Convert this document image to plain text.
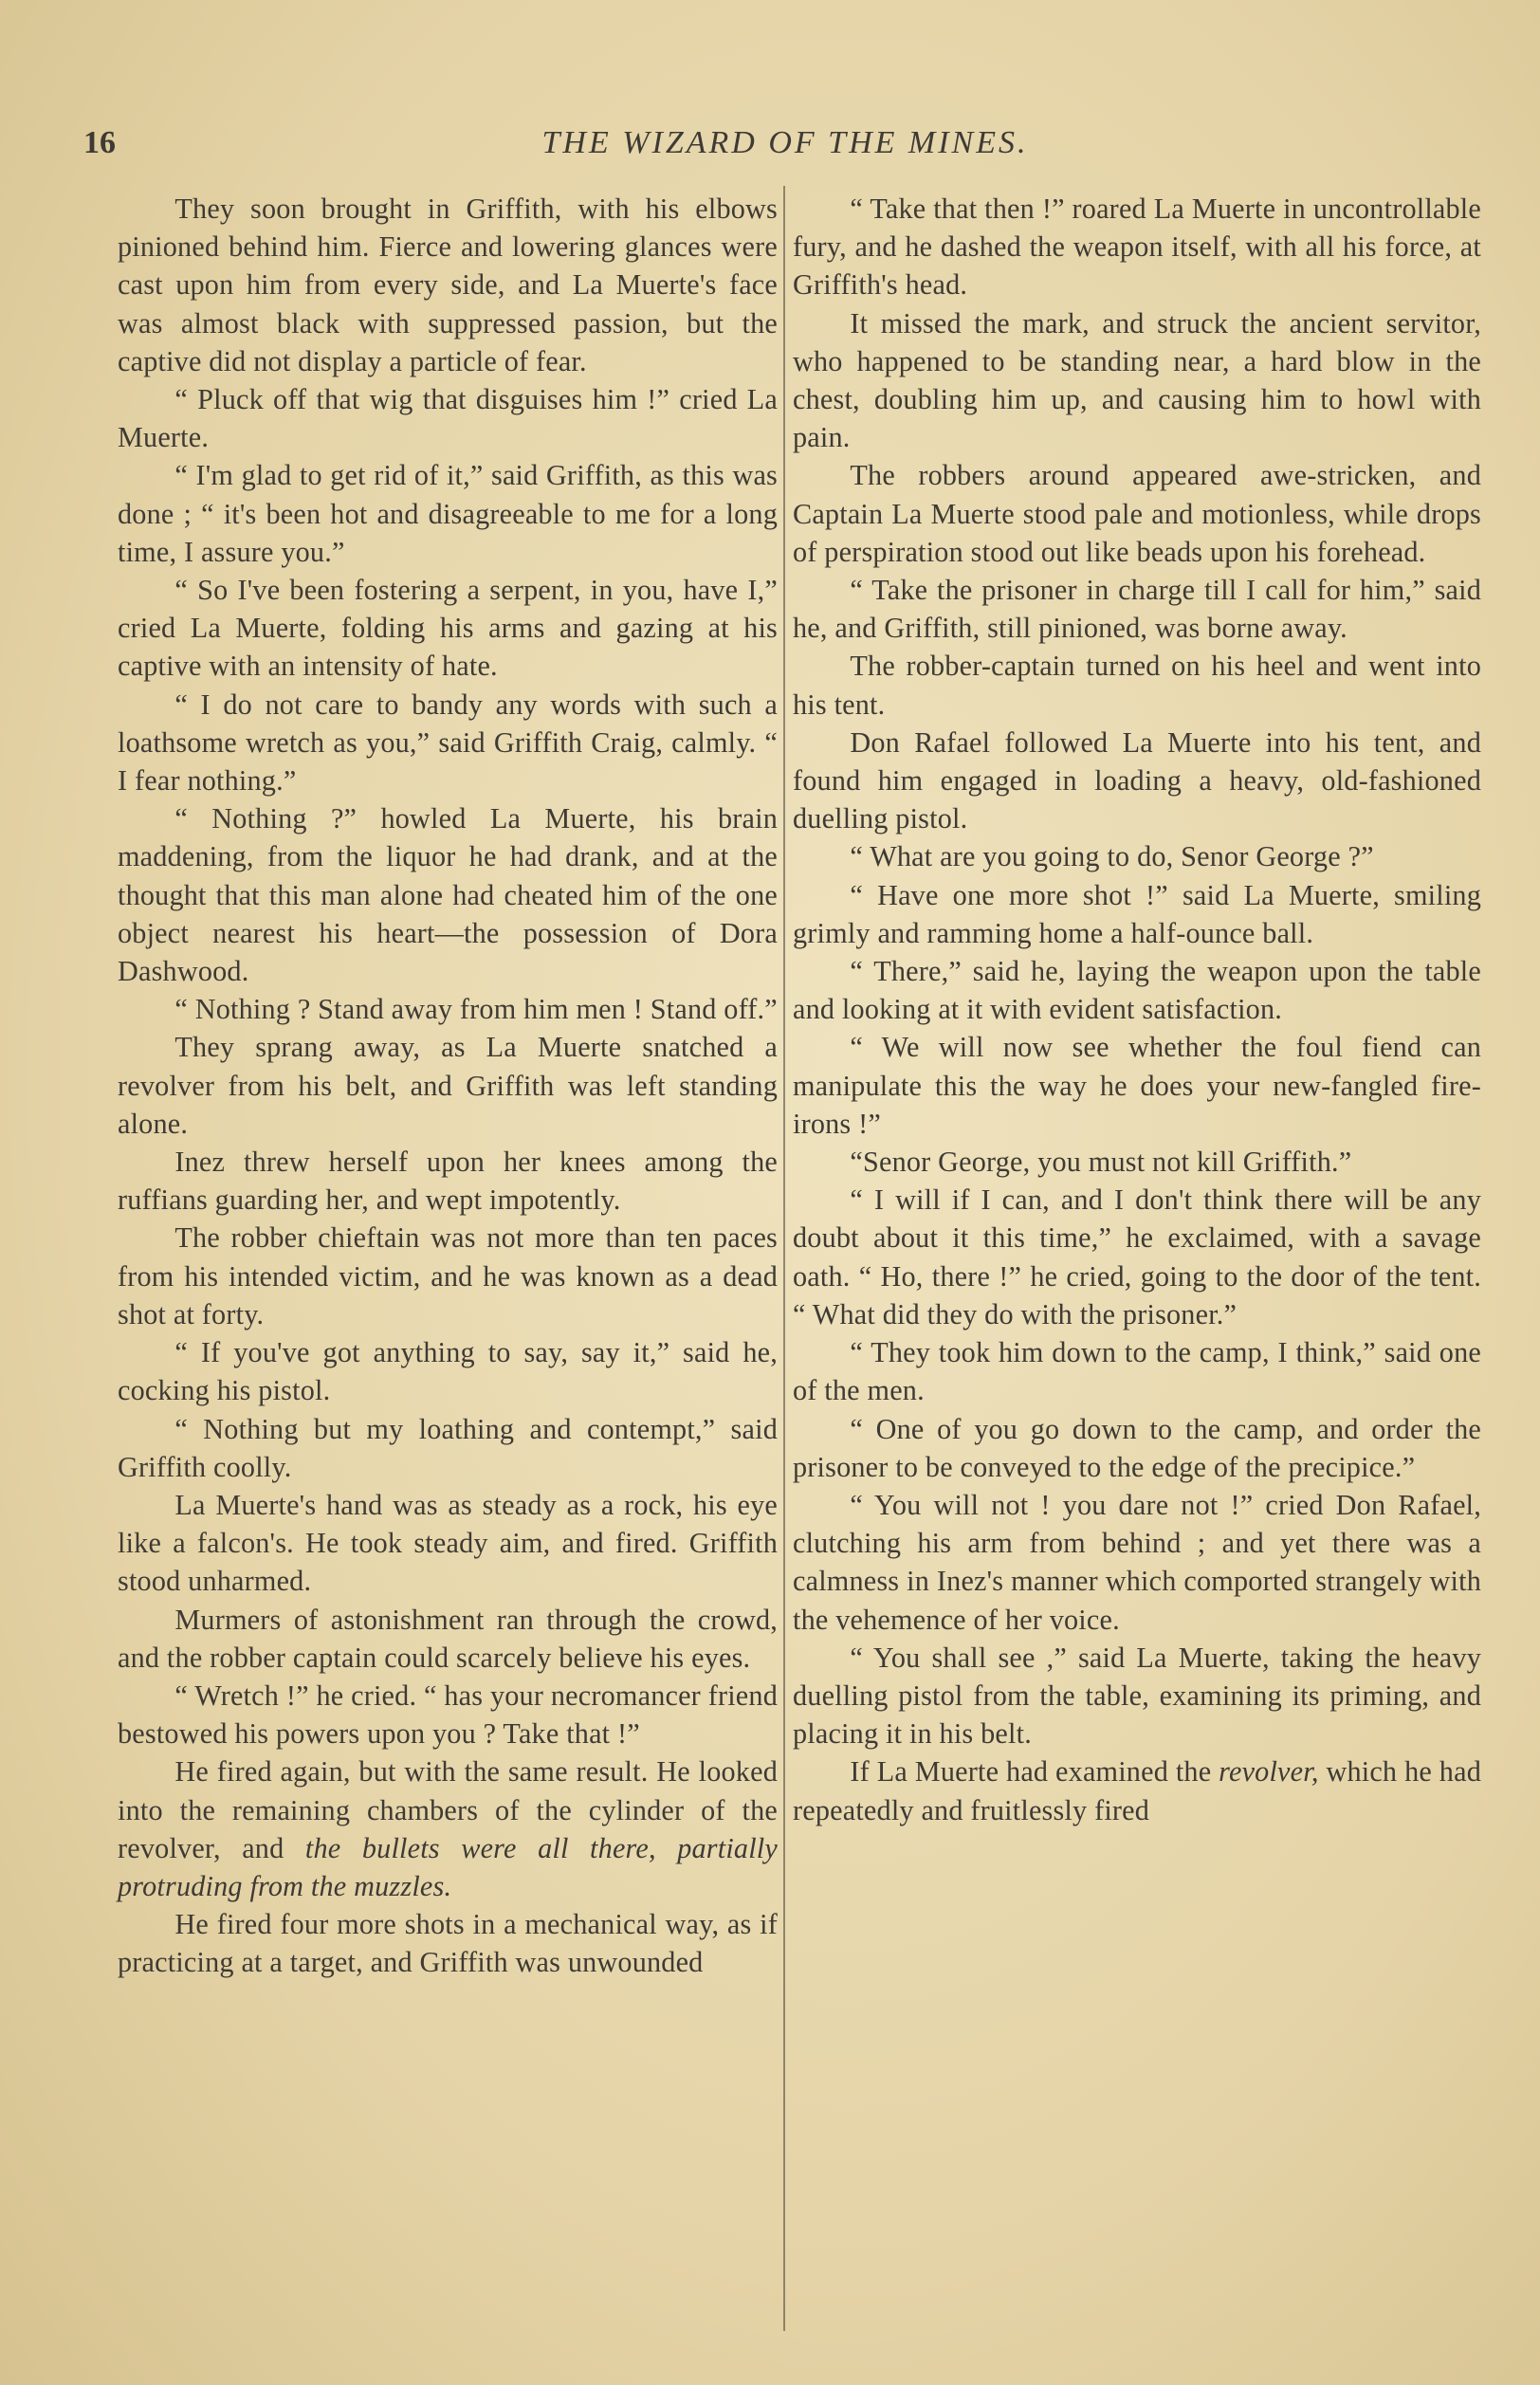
16	THE WIZARD OF THE MINES.

They soon brought in Griffith, with his elbows pinioned behind him. Fierce and lowering glances were cast upon him from every side, and La Muerte's face was almost black with suppressed passion, but the captive did not display a particle of fear.

“ Pluck off that wig that disguises him !” cried La Muerte.

“ I'm glad to get rid of it,” said Griffith, as this was done ; “ it's been hot and disagreeable to me for a long time, I assure you.”

“ So I've been fostering a serpent, in you, have I,” cried La Muerte, folding his arms and gazing at his captive with an intensity of hate.

“ I do not care to bandy any words with such a loathsome wretch as you,” said Griffith Craig, calmly. “ I fear nothing.”

“ Nothing ?” howled La Muerte, his brain maddening, from the liquor he had drank, and at the thought that this man alone had cheated him of the one object nearest his heart—the possession of Dora Dashwood.

“ Nothing ? Stand away from him men ! Stand off.”

They sprang away, as La Muerte snatched a revolver from his belt, and Griffith was left standing alone.

Inez threw herself upon her knees among the ruffians guarding her, and wept impotently.

The robber chieftain was not more than ten paces from his intended victim, and he was known as a dead shot at forty.

“ If you've got anything to say, say it,” said he, cocking his pistol.

“ Nothing but my loathing and contempt,” said Griffith coolly.

La Muerte's hand was as steady as a rock, his eye like a falcon's. He took steady aim, and fired. Griffith stood unharmed.

Murmers of astonishment ran through the crowd, and the robber captain could scarcely believe his eyes.

“ Wretch !” he cried. “ has your necromancer friend bestowed his powers upon you ? Take that !”

He fired again, but with the same result. He looked into the remaining chambers of the cylinder of the revolver, and the bullets were all there, partially protruding from the muzzles.

He fired four more shots in a mechanical way, as if practicing at a target, and Griffith was unwounded

“ Take that then !” roared La Muerte in uncontrollable fury, and he dashed the weapon itself, with all his force, at Griffith's head.

It missed the mark, and struck the ancient servitor, who happened to be standing near, a hard blow in the chest, doubling him up, and causing him to howl with pain.

The robbers around appeared awe-stricken, and Captain La Muerte stood pale and motionless, while drops of perspiration stood out like beads upon his forehead.

“ Take the prisoner in charge till I call for him,” said he, and Griffith, still pinioned, was borne away.

The robber-captain turned on his heel and went into his tent.

Don Rafael followed La Muerte into his tent, and found him engaged in loading a heavy, old-fashioned duelling pistol.

“ What are you going to do, Senor George ?”

“ Have one more shot !” said La Muerte, smiling grimly and ramming home a half-ounce ball.

“ There,” said he, laying the weapon upon the table and looking at it with evident satisfaction.

“ We will now see whether the foul fiend can manipulate this the way he does your new-fangled fire-irons !”

“Senor George, you must not kill Griffith.”

“ I will if I can, and I don't think there will be any doubt about it this time,” he exclaimed, with a savage oath. “ Ho, there !” he cried, going to the door of the tent. “ What did they do with the prisoner.”

“ They took him down to the camp, I think,” said one of the men.

“ One of you go down to the camp, and order the prisoner to be conveyed to the edge of the precipice.”

“ You will not ! you dare not !” cried Don Rafael, clutching his arm from behind ; and yet there was a calmness in Inez's manner which comported strangely with the vehemence of her voice.

“ You shall see ,” said La Muerte, taking the heavy duelling pistol from the table, examining its priming, and placing it in his belt.

If La Muerte had examined the revolver, which he had repeatedly and fruitlessly fired
